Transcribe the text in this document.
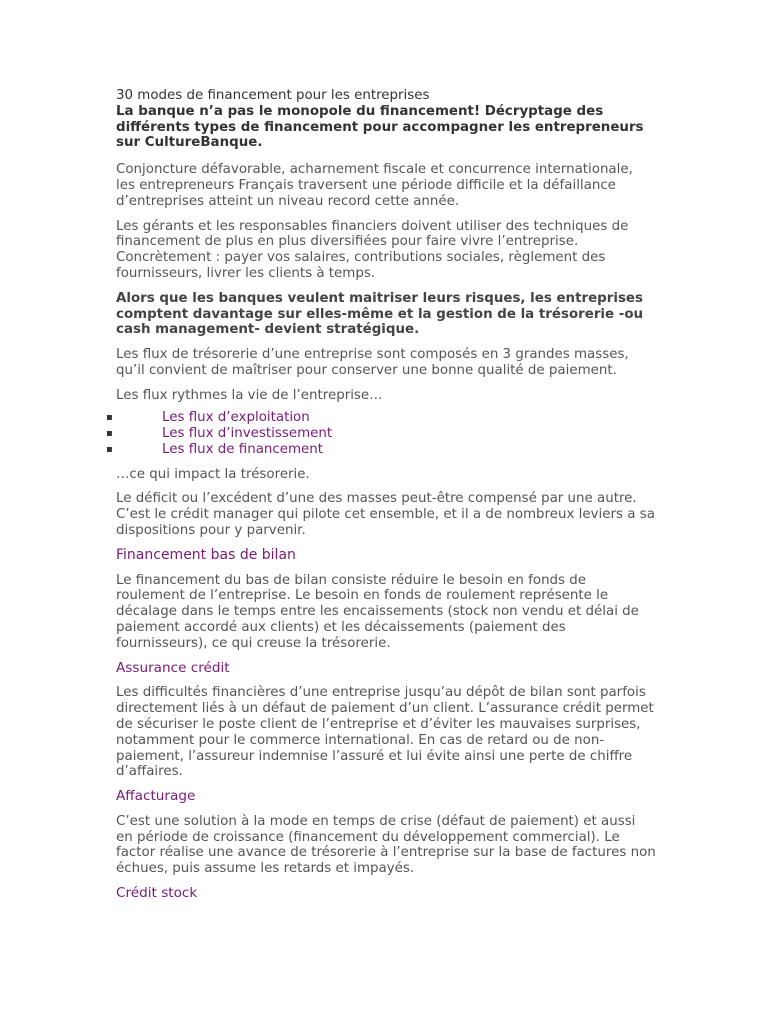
30 modes de financement pour les entreprises
La banque n’a pas le monopole du financement! Décryptage des différents types de financement pour accompagner les entrepreneurs sur CultureBanque.

Conjoncture défavorable, acharnement fiscale et concurrence internationale, les entrepreneurs Français traversent une période difficile et la défaillance d’entreprises atteint un niveau record cette année.

Les gérants et les responsables financiers doivent utiliser des techniques de financement de plus en plus diversifiées pour faire vivre l’entreprise. Concrètement : payer vos salaires, contributions sociales, règlement des fournisseurs, livrer les clients à temps.

Alors que les banques veulent maitriser leurs risques, les entreprises comptent davantage sur elles-même et la gestion de la trésorerie -ou cash management- devient stratégique.

Les flux de trésorerie d’une entreprise sont composés en 3 grandes masses, qu’il convient de maîtriser pour conserver une bonne qualité de paiement.

Les flux rythmes la vie de l’entreprise…

▪	Les flux d’exploitation
▪	Les flux d’investissement
▪	Les flux de financement

…ce qui impact la trésorerie.

Le déficit ou l’excédent d’une des masses peut-être compensé par une autre. C’est le crédit manager qui pilote cet ensemble, et il a de nombreux leviers a sa dispositions pour y parvenir.

Financement bas de bilan

Le financement du bas de bilan consiste réduire le besoin en fonds de roulement de l’entreprise. Le besoin en fonds de roulement représente le décalage dans le temps entre les encaissements (stock non vendu et délai de paiement accordé aux clients) et les décaissements (paiement des fournisseurs), ce qui creuse la trésorerie.

Assurance crédit

Les difficultés financières d’une entreprise jusqu’au dépôt de bilan sont parfois directement liés à un défaut de paiement d’un client. L’assurance crédit permet de sécuriser le poste client de l’entreprise et d’éviter les mauvaises surprises, notamment pour le commerce international. En cas de retard ou de non-paiement, l’assureur indemnise l’assuré et lui évite ainsi une perte de chiffre d’affaires.

Affacturage

C’est une solution à la mode en temps de crise (défaut de paiement) et aussi en période de croissance (financement du développement commercial). Le factor réalise une avance de trésorerie à l’entreprise sur la base de factures non échues, puis assume les retards et impayés.

Crédit stock
